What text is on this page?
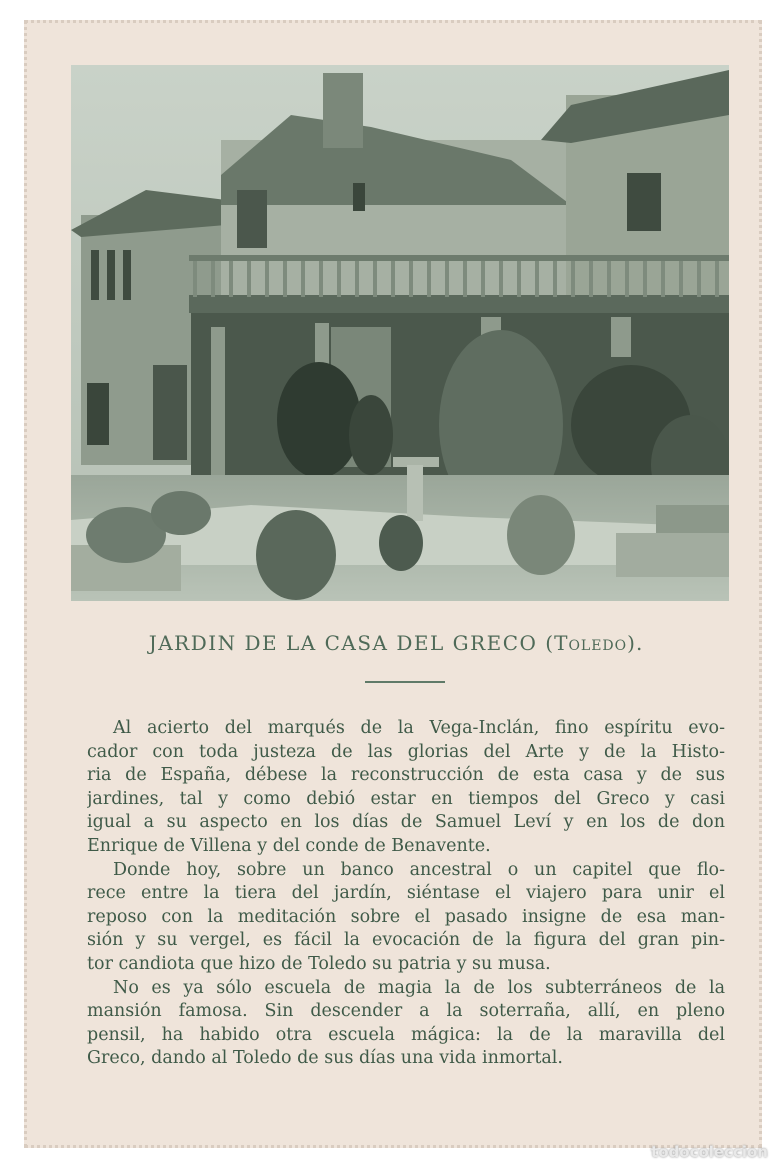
JARDIN DE LA CASA DEL GRECO (Toledo).
Al acierto del marqués de la Vega-Inclán, fino espíritu evo-
cador con toda justeza de las glorias del Arte y de la Histo-
ria de España, débese la reconstrucción de esta casa y de sus
jardines, tal y como debió estar en tiempos del Greco y casi
igual a su aspecto en los días de Samuel Leví y en los de don
Enrique de Villena y del conde de Benavente.
Donde hoy, sobre un banco ancestral o un capitel que flo-
rece entre la tiera del jardín, siéntase el viajero para unir el
reposo con la meditación sobre el pasado insigne de esa man-
sión y su vergel, es fácil la evocación de la figura del gran pin-
tor candiota que hizo de Toledo su patria y su musa.
No es ya sólo escuela de magia la de los subterráneos de la
mansión famosa. Sin descender a la soterraña, allí, en pleno
pensil, ha habido otra escuela mágica: la de la maravilla del
Greco, dando al Toledo de sus días una vida inmortal.
todocoleccion
